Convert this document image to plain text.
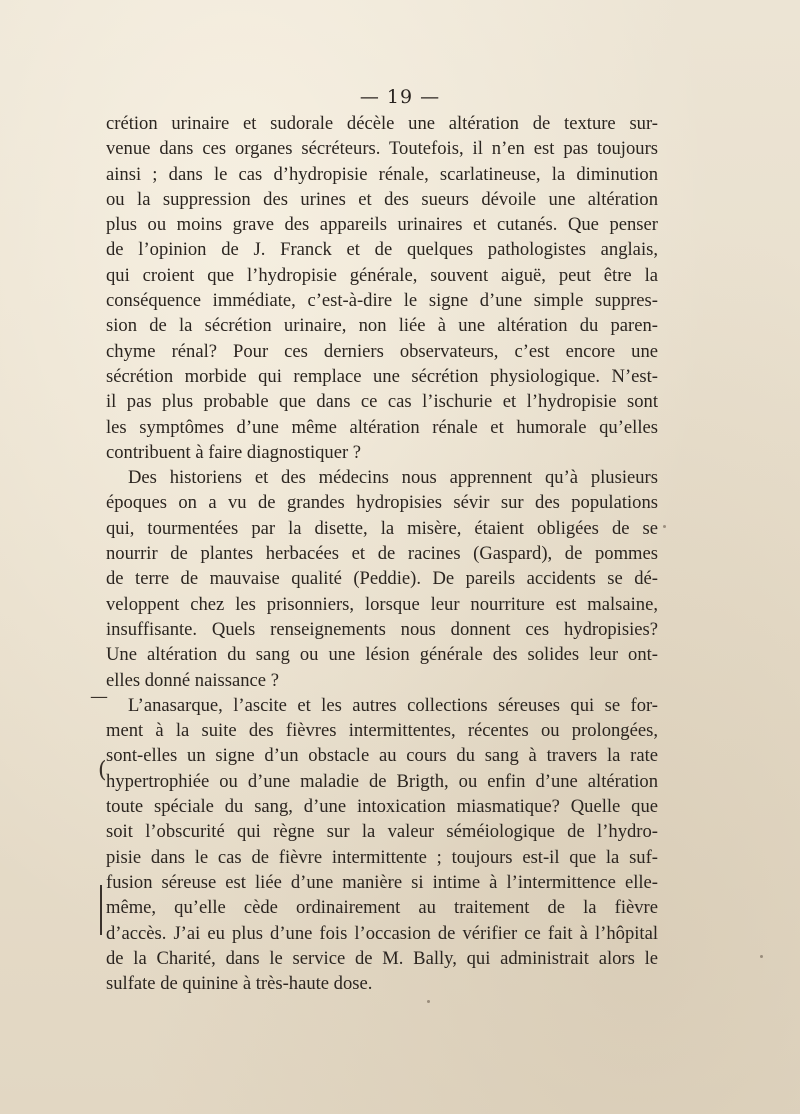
— 19 —
crétion urinaire et sudorale décèle une altération de texture sur-
venue dans ces organes sécréteurs. Toutefois, il n’en est pas toujours
ainsi ; dans le cas d’hydropisie rénale, scarlatineuse, la diminution
ou la suppression des urines et des sueurs dévoile une altération
plus ou moins grave des appareils urinaires et cutanés. Que penser
de l’opinion de J. Franck et de quelques pathologistes anglais,
qui croient que l’hydropisie générale, souvent aiguë, peut être la
conséquence immédiate, c’est-à-dire le signe d’une simple suppres-
sion de la sécrétion urinaire, non liée à une altération du paren-
chyme rénal? Pour ces derniers observateurs, c’est encore une
sécrétion morbide qui remplace une sécrétion physiologique. N’est-
il pas plus probable que dans ce cas l’ischurie et l’hydropisie sont
les symptômes d’une même altération rénale et humorale qu’elles
contribuent à faire diagnostiquer ?
Des historiens et des médecins nous apprennent qu’à plusieurs
époques on a vu de grandes hydropisies sévir sur des populations
qui, tourmentées par la disette, la misère, étaient obligées de se
nourrir de plantes herbacées et de racines (Gaspard), de pommes
de terre de mauvaise qualité (Peddie). De pareils accidents se dé-
veloppent chez les prisonniers, lorsque leur nourriture est malsaine,
insuffisante. Quels renseignements nous donnent ces hydropisies?
Une altération du sang ou une lésion générale des solides leur ont-
elles donné naissance ?
L’anasarque, l’ascite et les autres collections séreuses qui se for-
ment à la suite des fièvres intermittentes, récentes ou prolongées,
sont-elles un signe d’un obstacle au cours du sang à travers la rate
hypertrophiée ou d’une maladie de Brigth, ou enfin d’une altération
toute spéciale du sang, d’une intoxication miasmatique? Quelle que
soit l’obscurité qui règne sur la valeur séméiologique de l’hydro-
pisie dans le cas de fièvre intermittente ; toujours est-il que la suf-
fusion séreuse est liée d’une manière si intime à l’intermittence elle-
même, qu’elle cède ordinairement au traitement de la fièvre
d’accès. J’ai eu plus d’une fois l’occasion de vérifier ce fait à l’hôpital
de la Charité, dans le service de M. Bally, qui administrait alors le
sulfate de quinine à très-haute dose.
—
(
